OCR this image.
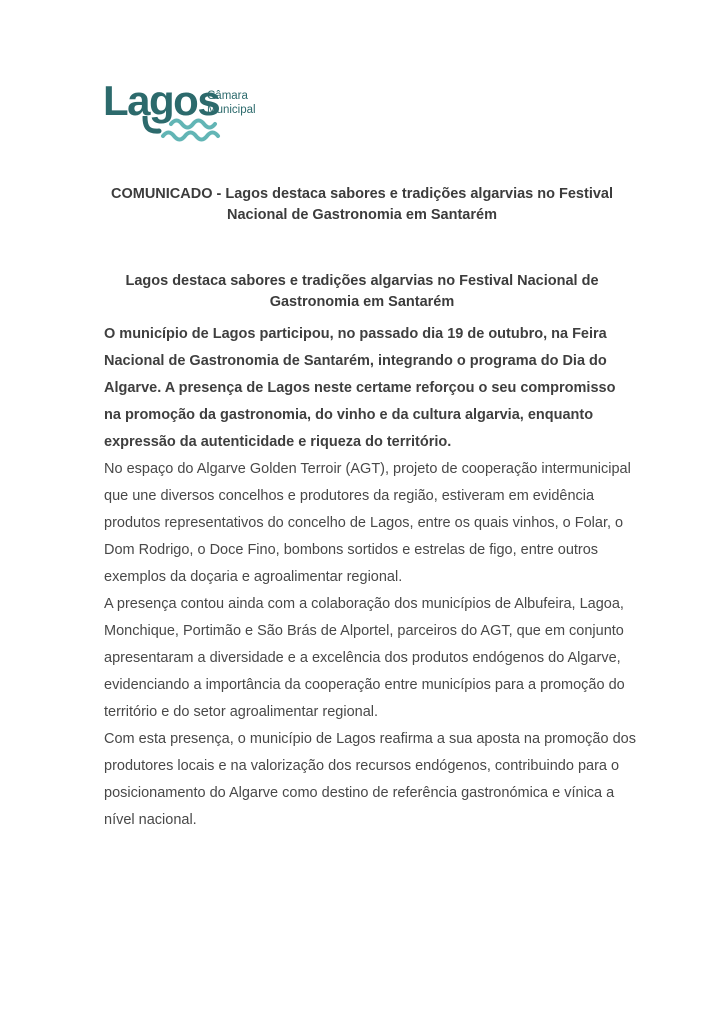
Lagos
Câmara
Municipal
COMUNICADO - Lagos destaca sabores e tradições algarvias no Festival Nacional de Gastronomia em Santarém
Lagos destaca sabores e tradições algarvias no Festival Nacional de Gastronomia em Santarém

O município de Lagos participou, no passado dia 19 de outubro, na Feira Nacional de Gastronomia de Santarém, integrando o programa do Dia do Algarve. A presença de Lagos neste certame reforçou o seu compromisso na promoção da gastronomia, do vinho e da cultura algarvia, enquanto expressão da autenticidade e riqueza do território.

No espaço do Algarve Golden Terroir (AGT), projeto de cooperação intermunicipal que une diversos concelhos e produtores da região, estiveram em evidência produtos representativos do concelho de Lagos, entre os quais vinhos, o Folar, o Dom Rodrigo, o Doce Fino, bombons sortidos e estrelas de figo, entre outros exemplos da doçaria e agroalimentar regional.

A presença contou ainda com a colaboração dos municípios de Albufeira, Lagoa, Monchique, Portimão e São Brás de Alportel, parceiros do AGT, que em conjunto apresentaram a diversidade e a excelência dos produtos endógenos do Algarve, evidenciando a importância da cooperação entre municípios para a promoção do território e do setor agroalimentar regional.

Com esta presença, o município de Lagos reafirma a sua aposta na promoção dos produtores locais e na valorização dos recursos endógenos, contribuindo para o posicionamento do Algarve como destino de referência gastronómica e vínica a nível nacional.
